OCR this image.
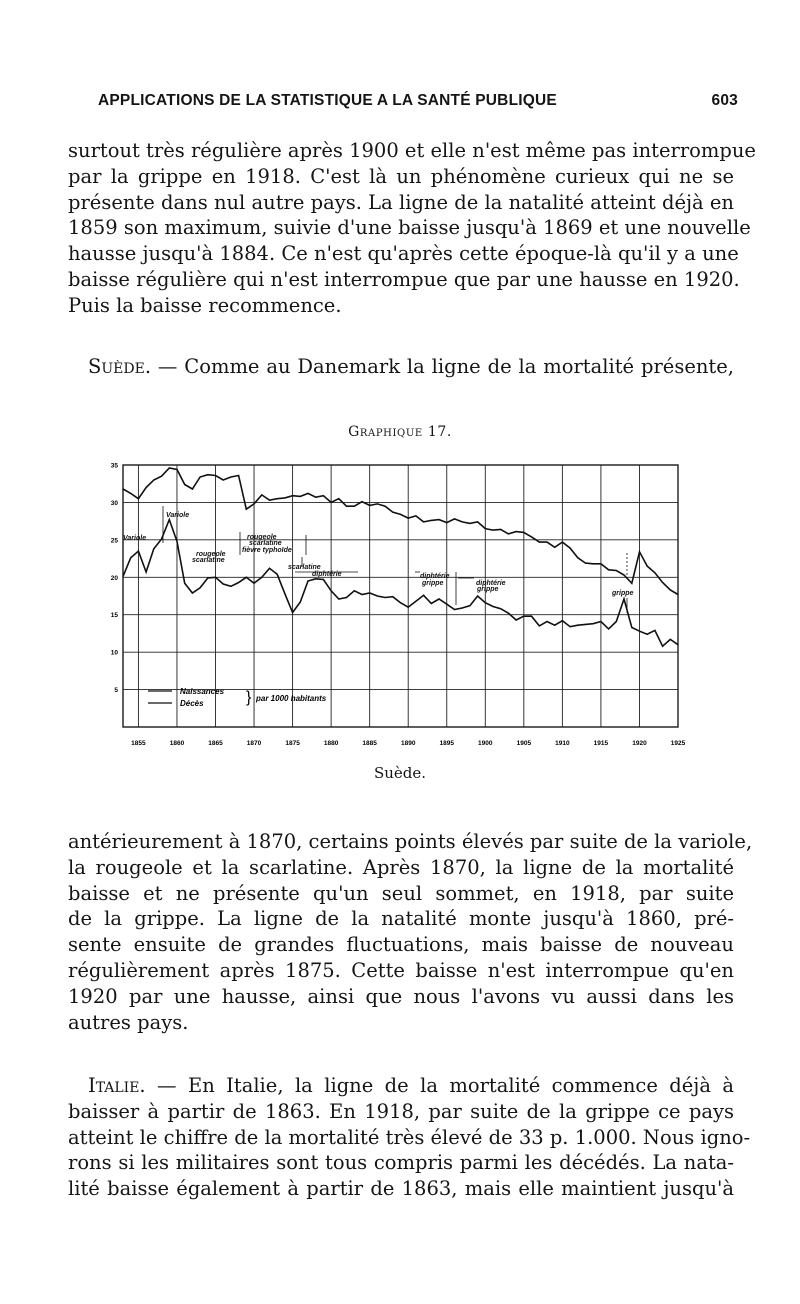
APPLICATIONS DE LA STATISTIQUE A LA SANTÉ PUBLIQUE	603
surtout très régulière après 1900 et elle n'est même pas interrompue
par la grippe en 1918. C'est là un phénomène curieux qui ne se
présente dans nul autre pays. La ligne de la natalité atteint déjà en
1859 son maximum, suivie d'une baisse jusqu'à 1869 et une nouvelle
hausse jusqu'à 1884. Ce n'est qu'après cette époque-là qu'il y a une
baisse régulière qui n'est interrompue que par une hausse en 1920.
Puis la baisse recommence.
Suède. — Comme au Danemark la ligne de la mortalité présente,
Graphique 17.
5
10
15
20
25
30
35
1855	1860	1865	1870	1875	1880	1885	1890	1895	1900	1905	1910	1915	1920	1925
Variole
Variole
rougeole
scarlatine
rougeole
scarlatine
fièvre typhoïde
scarlatine
diphtérie	diphtérie
grippe	diphtérie
grippe
grippe
Naissances
Décès	} par 1000 habitants
Suède.
antérieurement à 1870, certains points élevés par suite de la variole,
la rougeole et la scarlatine. Après 1870, la ligne de la mortalité
baisse et ne présente qu'un seul sommet, en 1918, par suite
de la grippe. La ligne de la natalité monte jusqu'à 1860, pré-
sente ensuite de grandes fluctuations, mais baisse de nouveau
régulièrement après 1875. Cette baisse n'est interrompue qu'en
1920 par une hausse, ainsi que nous l'avons vu aussi dans les
autres pays.
Italie. — En Italie, la ligne de la mortalité commence déjà à
baisser à partir de 1863. En 1918, par suite de la grippe ce pays
atteint le chiffre de la mortalité très élevé de 33 p. 1.000. Nous igno-
rons si les militaires sont tous compris parmi les décédés. La nata-
lité baisse également à partir de 1863, mais elle maintient jusqu'à
